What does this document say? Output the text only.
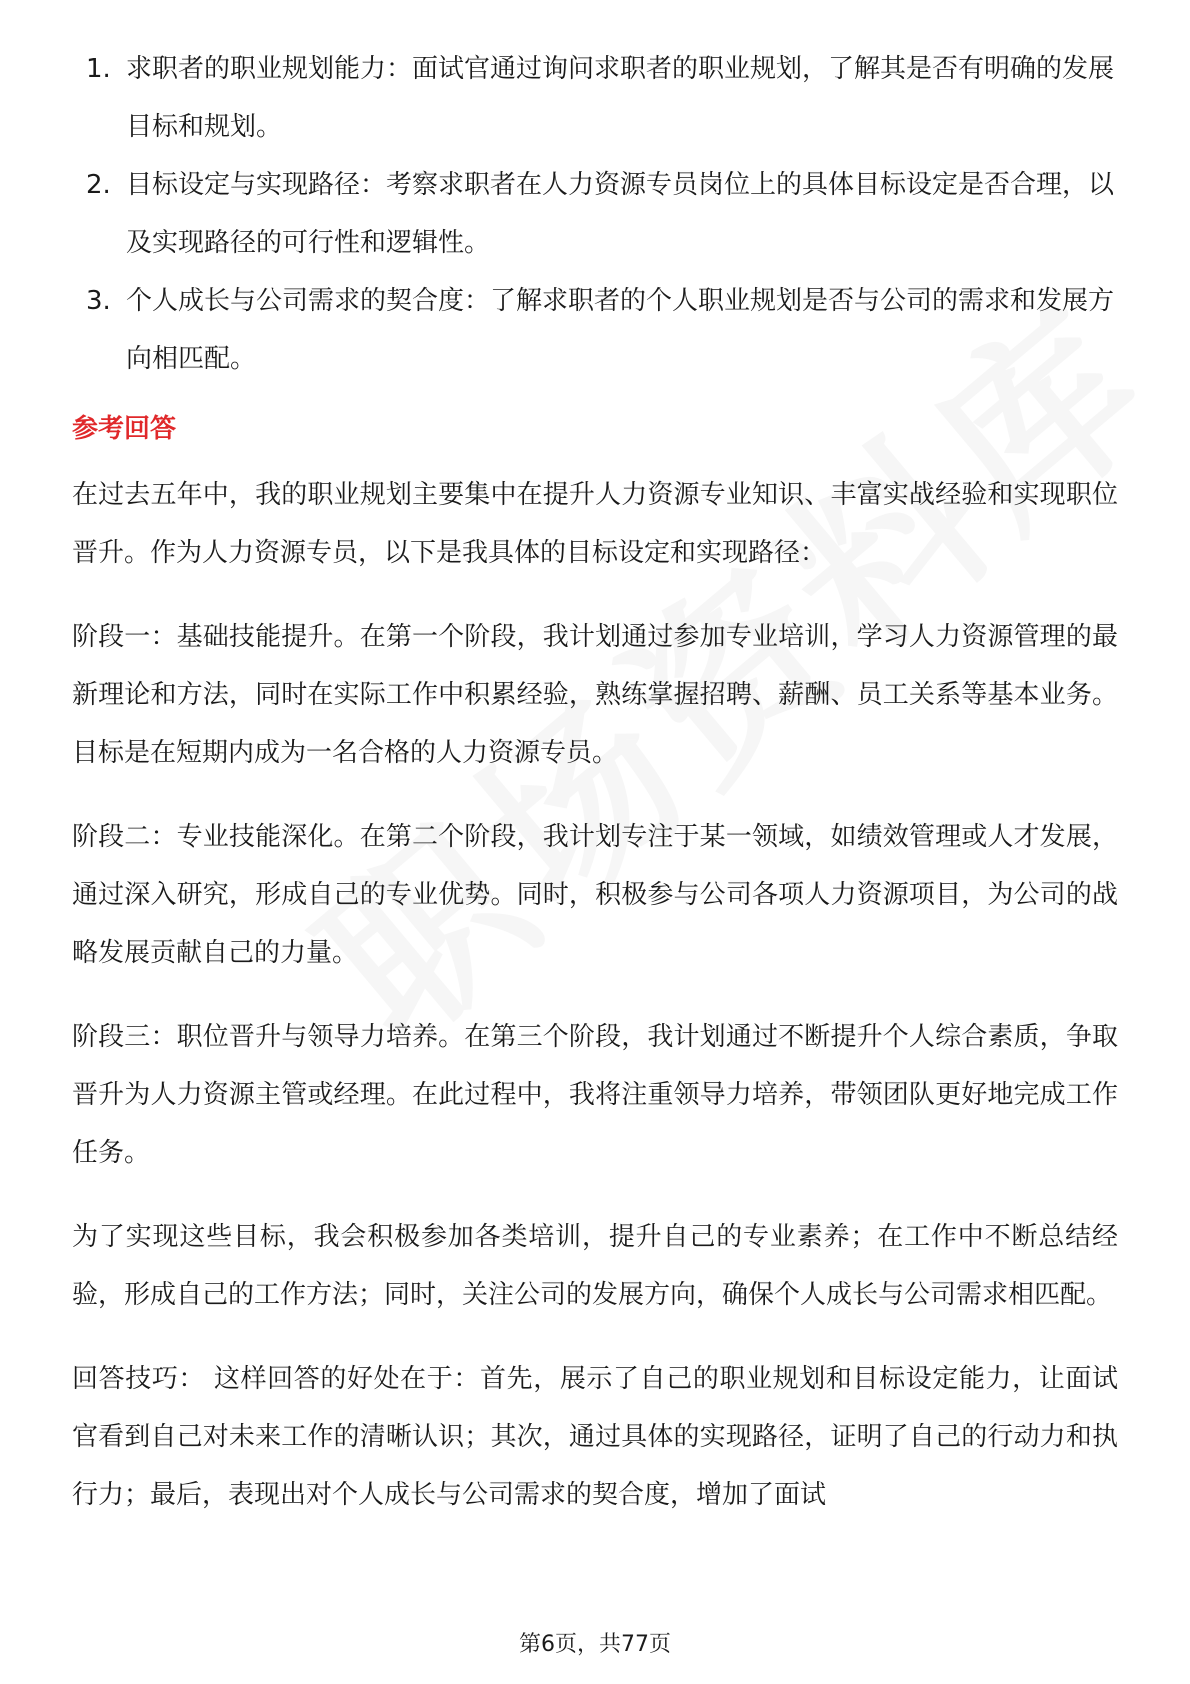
1. 求职者的职业规划能力：面试官通过询问求职者的职业规划，了解其是否有明确的发展目标和规划。
2. 目标设定与实现路径：考察求职者在人力资源专员岗位上的具体目标设定是否合理，以及实现路径的可行性和逻辑性。
3. 个人成长与公司需求的契合度：了解求职者的个人职业规划是否与公司的需求和发展方向相匹配。
参考回答

在过去五年中，我的职业规划主要集中在提升人力资源专业知识、丰富实战经验和实现职位晋升。作为人力资源专员，以下是我具体的目标设定和实现路径：

阶段一：基础技能提升。在第一个阶段，我计划通过参加专业培训，学习人力资源管理的最新理论和方法，同时在实际工作中积累经验，熟练掌握招聘、薪酬、员工关系等基本业务。目标是在短期内成为一名合格的人力资源专员。

阶段二：专业技能深化。在第二个阶段，我计划专注于某一领域，如绩效管理或人才发展，通过深入研究，形成自己的专业优势。同时，积极参与公司各项人力资源项目，为公司的战略发展贡献自己的力量。

阶段三：职位晋升与领导力培养。在第三个阶段，我计划通过不断提升个人综合素质，争取晋升为人力资源主管或经理。在此过程中，我将注重领导力培养，带领团队更好地完成工作任务。

为了实现这些目标，我会积极参加各类培训，提升自己的专业素养；在工作中不断总结经验，形成自己的工作方法；同时，关注公司的发展方向，确保个人成长与公司需求相匹配。

回答技巧： 这样回答的好处在于：首先，展示了自己的职业规划和目标设定能力，让面试官看到自己对未来工作的清晰认识；其次，通过具体的实现路径，证明了自己的行动力和执行力；最后，表现出对个人成长与公司需求的契合度，增加了面试

第6页，共77页
